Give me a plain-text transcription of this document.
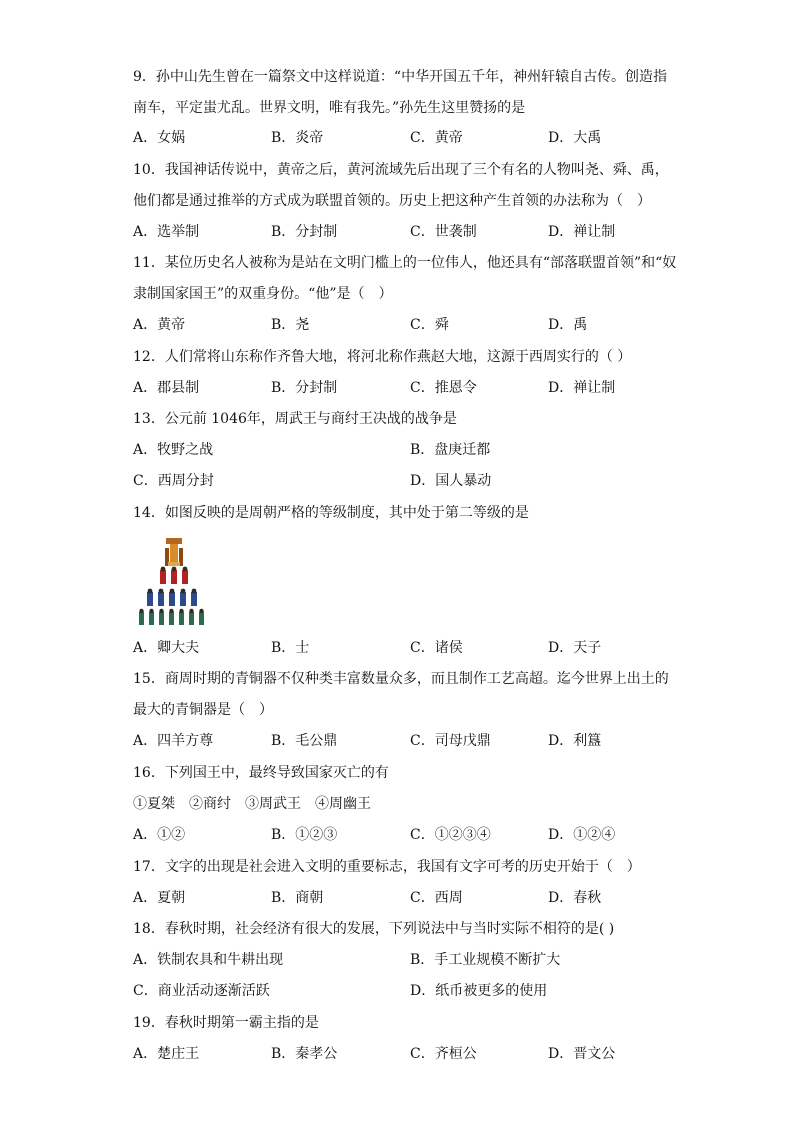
9．孙中山先生曾在一篇祭文中这样说道：“中华开国五千年，神州轩辕自古传。创造指
南车，平定蚩尤乱。世界文明，唯有我先。”孙先生这里赞扬的是
A．女娲	B．炎帝	C．黄帝	D．大禹
10．我国神话传说中，黄帝之后，黄河流域先后出现了三个有名的人物叫尧、舜、禹，
他们都是通过推举的方式成为联盟首领的。历史上把这种产生首领的办法称为（　）
A．选举制	B．分封制	C．世袭制	D．禅让制
11．某位历史名人被称为是站在文明门槛上的一位伟人，他还具有“部落联盟首领”和“奴
隶制国家国王”的双重身份。“他”是（　）
A．黄帝	B．尧	C．舜	D．禹
12．人们常将山东称作齐鲁大地，将河北称作燕赵大地，这源于西周实行的（ ）
A．郡县制	B．分封制	C．推恩令	D．禅让制
13．公元前 1046年，周武王与商纣王决战的战争是
A．牧野之战	B．盘庚迁都
C．西周分封	D．国人暴动
14．如图反映的是周朝严格的等级制度，其中处于第二等级的是
A．卿大夫	B．士	C．诸侯	D．天子
15．商周时期的青铜器不仅种类丰富数量众多，而且制作工艺高超。迄今世界上出土的
最大的青铜器是（　）
A．四羊方尊	B．毛公鼎	C．司母戊鼎	D．利簋
16．下列国王中，最终导致国家灭亡的有
①夏桀　②商纣　③周武王　④周幽王
A．①②	B．①②③	C．①②③④	D．①②④
17．文字的出现是社会进入文明的重要标志，我国有文字可考的历史开始于（　）
A．夏朝	B．商朝	C．西周	D．春秋
18．春秋时期，社会经济有很大的发展，下列说法中与当时实际不相符的是( )
A．铁制农具和牛耕出现	B．手工业规模不断扩大
C．商业活动逐渐活跃	D．纸币被更多的使用
19．春秋时期第一霸主指的是
A．楚庄王	B．秦孝公	C．齐桓公	D．晋文公
